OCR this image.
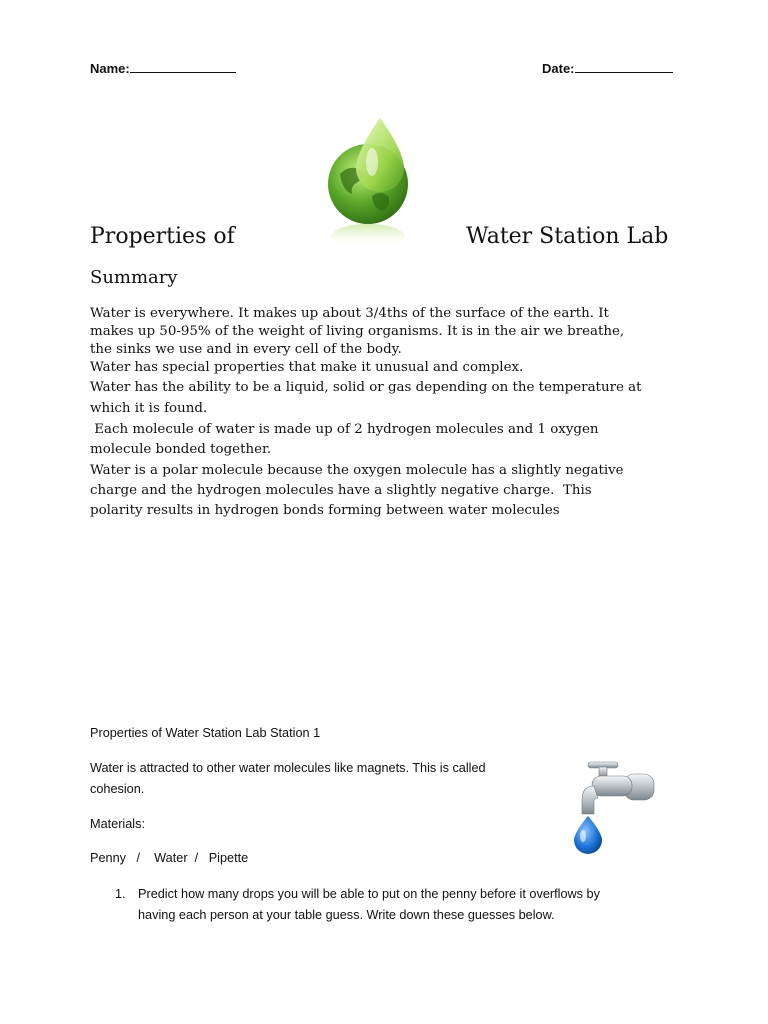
Name:	Date:
Properties of	Water Station Lab
Summary
Water is everywhere. It makes up about 3/4ths of the surface of the earth. It
makes up 50-95% of the weight of living organisms. It is in the air we breathe,
the sinks we use and in every cell of the body.
Water has special properties that make it unusual and complex.
Water has the ability to be a liquid, solid or gas depending on the temperature at
which it is found.
Each molecule of water is made up of 2 hydrogen molecules and 1 oxygen
molecule bonded together.
Water is a polar molecule because the oxygen molecule has a slightly negative
charge and the hydrogen molecules have a slightly negative charge.  This
polarity results in hydrogen bonds forming between water molecules
Properties of Water Station Lab Station 1
Water is attracted to other water molecules like magnets. This is called
cohesion.
Materials:
Penny   /    Water  /   Pipette
1. Predict how many drops you will be able to put on the penny before it overflows by
having each person at your table guess. Write down these guesses below.
